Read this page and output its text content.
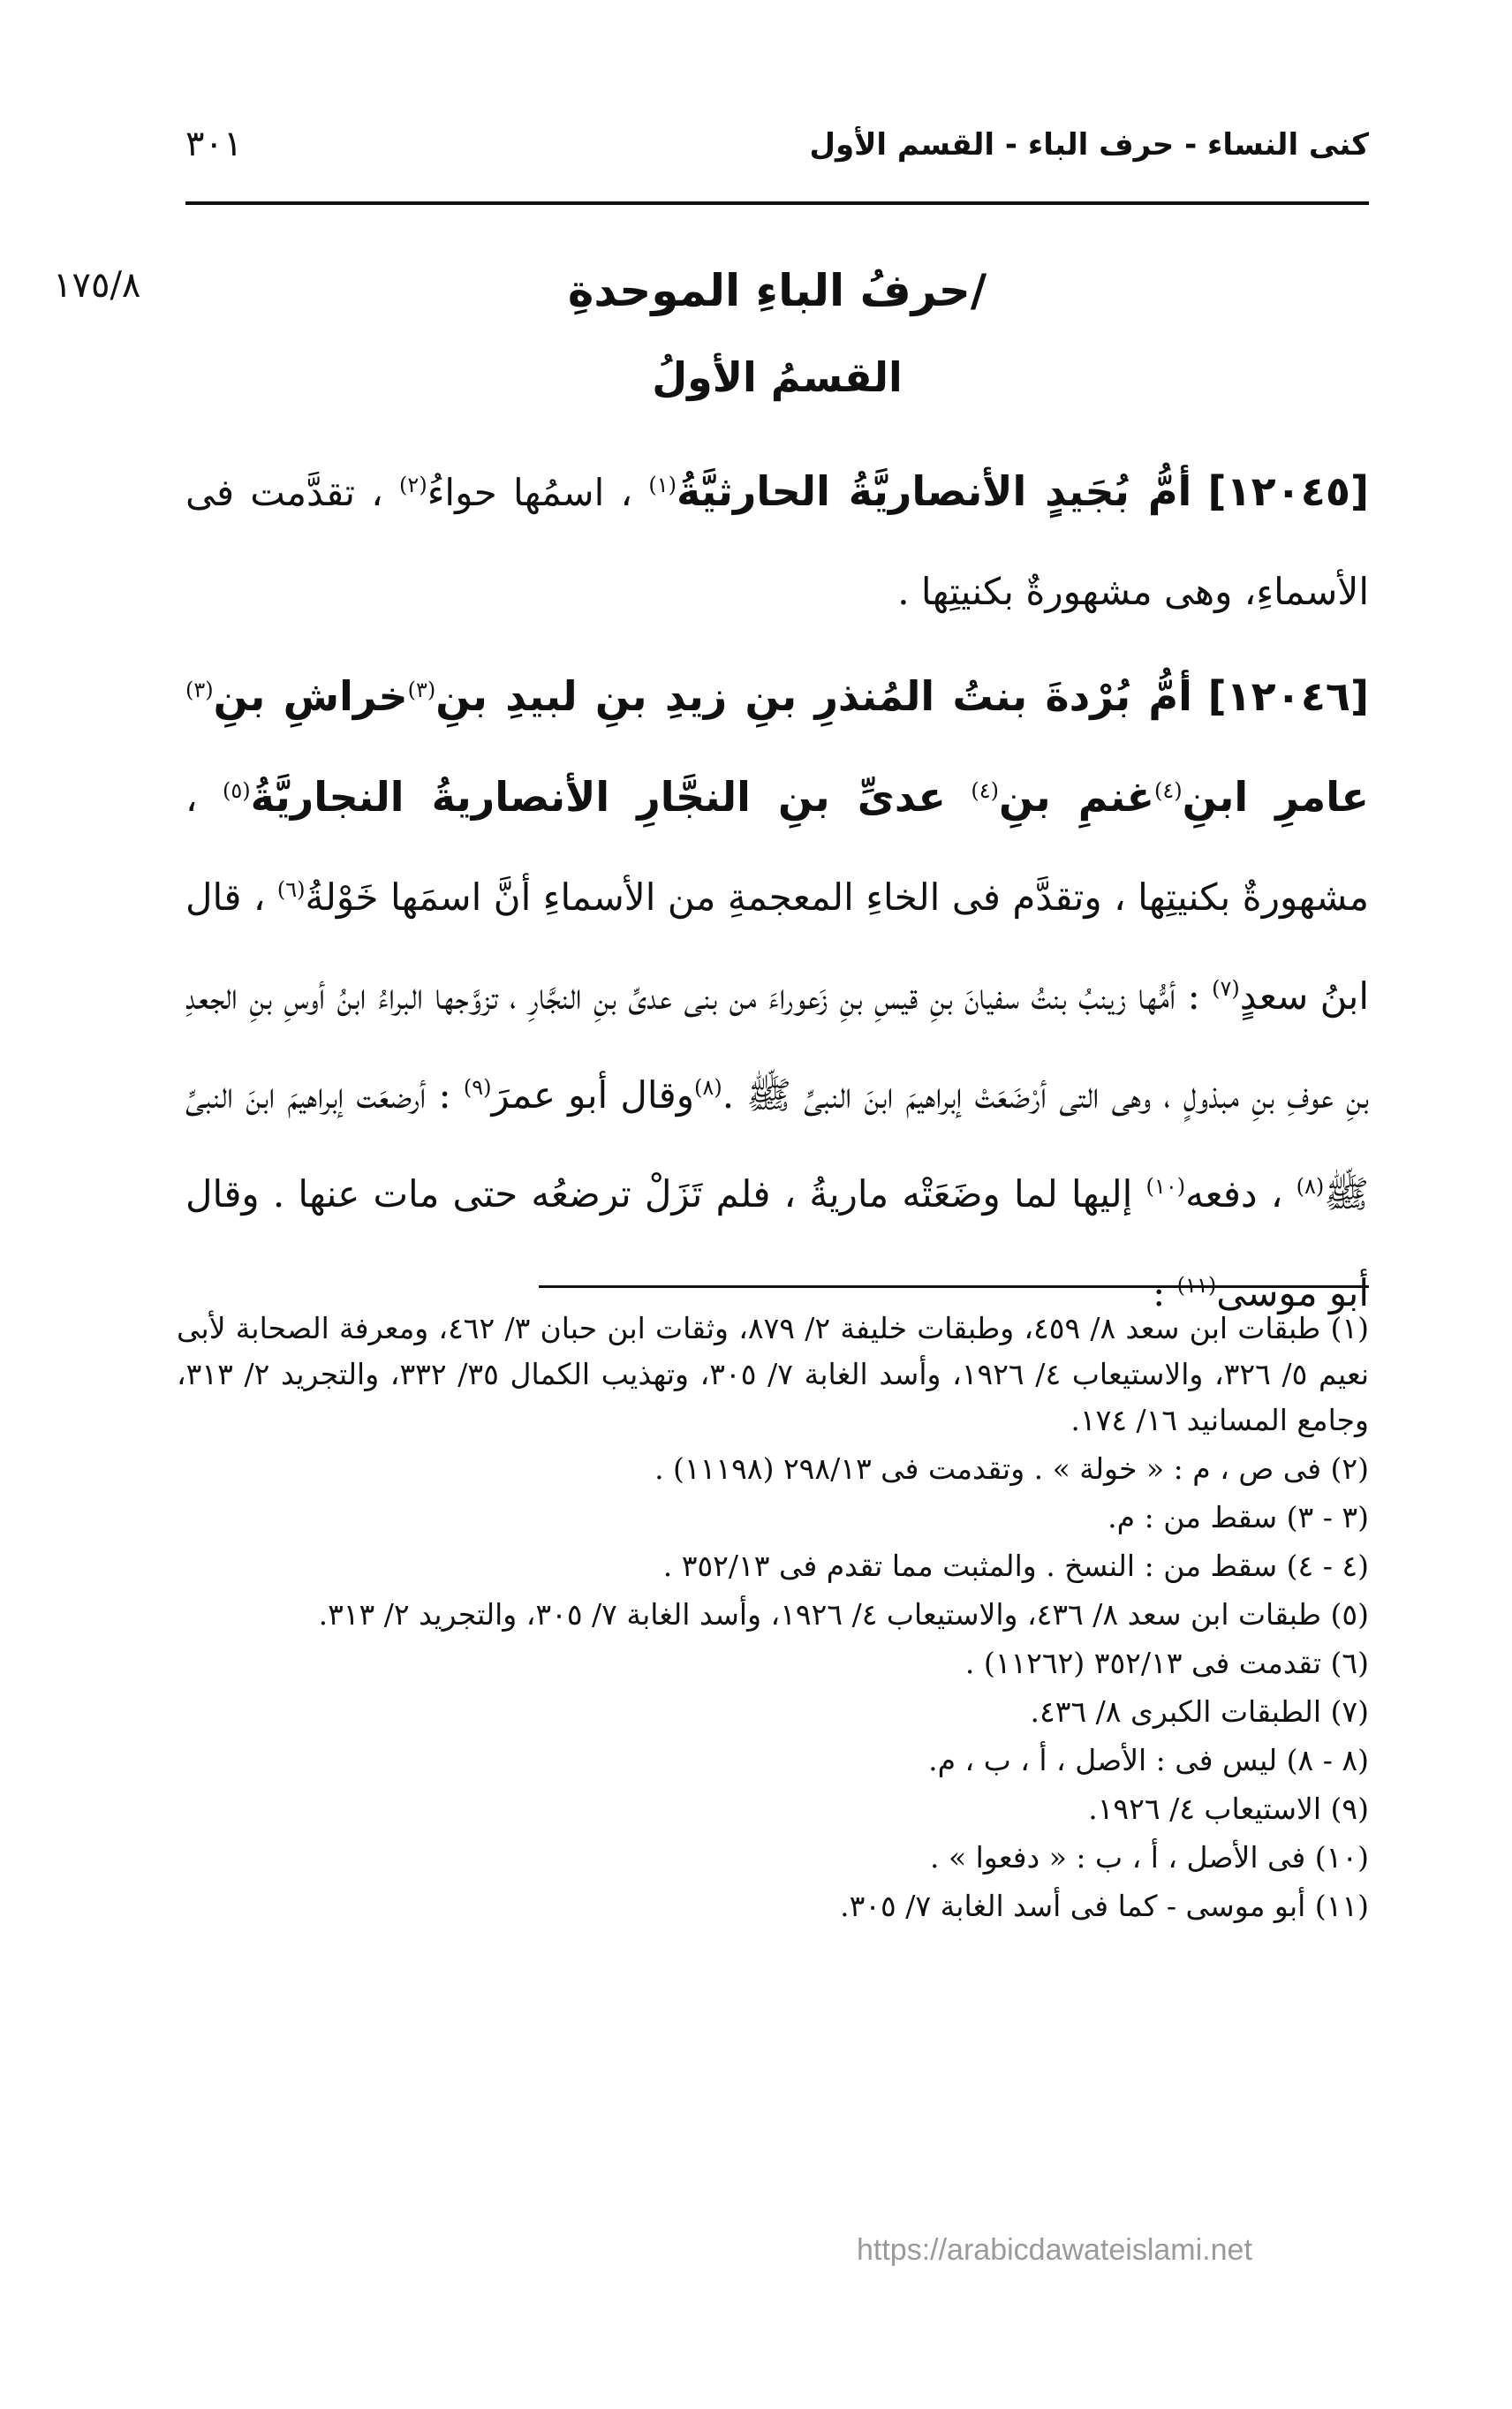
كنى النساء - حرف الباء - القسم الأول
٣٠١
١٧٥/٨	/حرفُ الباءِ الموحدةِ
القسمُ الأولُ

[١٢٠٤٥] أمُّ بُجَيدٍ الأنصاريَّةُ الحارثيَّةُ$^{(١)}$ ، اسمُها حواءُ$^{(٢)}$ ، تقدَّمت فى الأسماءِ، وهى مشهورةٌ بكنيتِها .

[١٢٠٤٦] أمُّ بُرْدةَ بنتُ المُنذرِ بنِ زيدِ بنِ لبيدِ بنِ$^{(٣)}$خراشِ بنِ$^{(٣)}$ عامرِ ابنِ$^{(٤)}$غنمِ بنِ$^{(٤)}$ عدىِّ بنِ النجَّارِ الأنصاريةُ النجاريَّةُ$^{(٥)}$ ، مشهورةٌ بكنيتِها ، وتقدَّم فى الخاءِ المعجمةِ من الأسماءِ أنَّ اسمَها خَوْلةُ$^{(٦)}$ ، قال ابنُ سعدٍ$^{(٧)}$ : أمُّها زينبُ بنتُ سفيانَ بنِ قيسِ بنِ زَعوراءَ من بنى عدىِّ بنِ النجَّارِ ، تزوَّجها البراءُ ابنُ أوسِ بنِ الجعدِ بنِ عوفِ بنِ مبذولٍ ، وهى التى أرْضَعَتْ إبراهيمَ ابنَ النبىِّ ﷺ .$^{(٨)}$وقال أبو عمرَ$^{(٩)}$ : أرضعَت إبراهيمَ ابنَ النبىِّ ﷺ$^{(٨)}$ ، دفعه$^{(١٠)}$ إليها لما وضَعَتْه ماريةُ ، فلم تَزَلْ ترضعُه حتى مات عنها . وقال أبو موسى$^{(١١)}$ :

(١) طبقات ابن سعد ٨/ ٤٥٩، وطبقات خليفة ٢/ ٨٧٩، وثقات ابن حبان ٣/ ٤٦٢، ومعرفة الصحابة لأبى نعيم ٥/ ٣٢٦، والاستيعاب ٤/ ١٩٢٦، وأسد الغابة ٧/ ٣٠٥، وتهذيب الكمال ٣٥/ ٣٣٢، والتجريد ٢/ ٣١٣، وجامع المسانيد ١٦/ ١٧٤.

(٢) فى ص ، م : « خولة » . وتقدمت فى ٢٩٨/١٣ (١١١٩٨) .

(٣ - ٣) سقط من : م.

(٤ - ٤) سقط من : النسخ . والمثبت مما تقدم فى ٣٥٢/١٣ .

(٥) طبقات ابن سعد ٨/ ٤٣٦، والاستيعاب ٤/ ١٩٢٦، وأسد الغابة ٧/ ٣٠٥، والتجريد ٢/ ٣١٣.

(٦) تقدمت فى ٣٥٢/١٣ (١١٢٦٢) .

(٧) الطبقات الكبرى ٨/ ٤٣٦.

(٨ - ٨) ليس فى : الأصل ، أ ، ب ، م.

(٩) الاستيعاب ٤/ ١٩٢٦.

(١٠) فى الأصل ، أ ، ب : « دفعوا » .

(١١) أبو موسى - كما فى أسد الغابة ٧/ ٣٠٥.

https://arabicdawateislami.net
